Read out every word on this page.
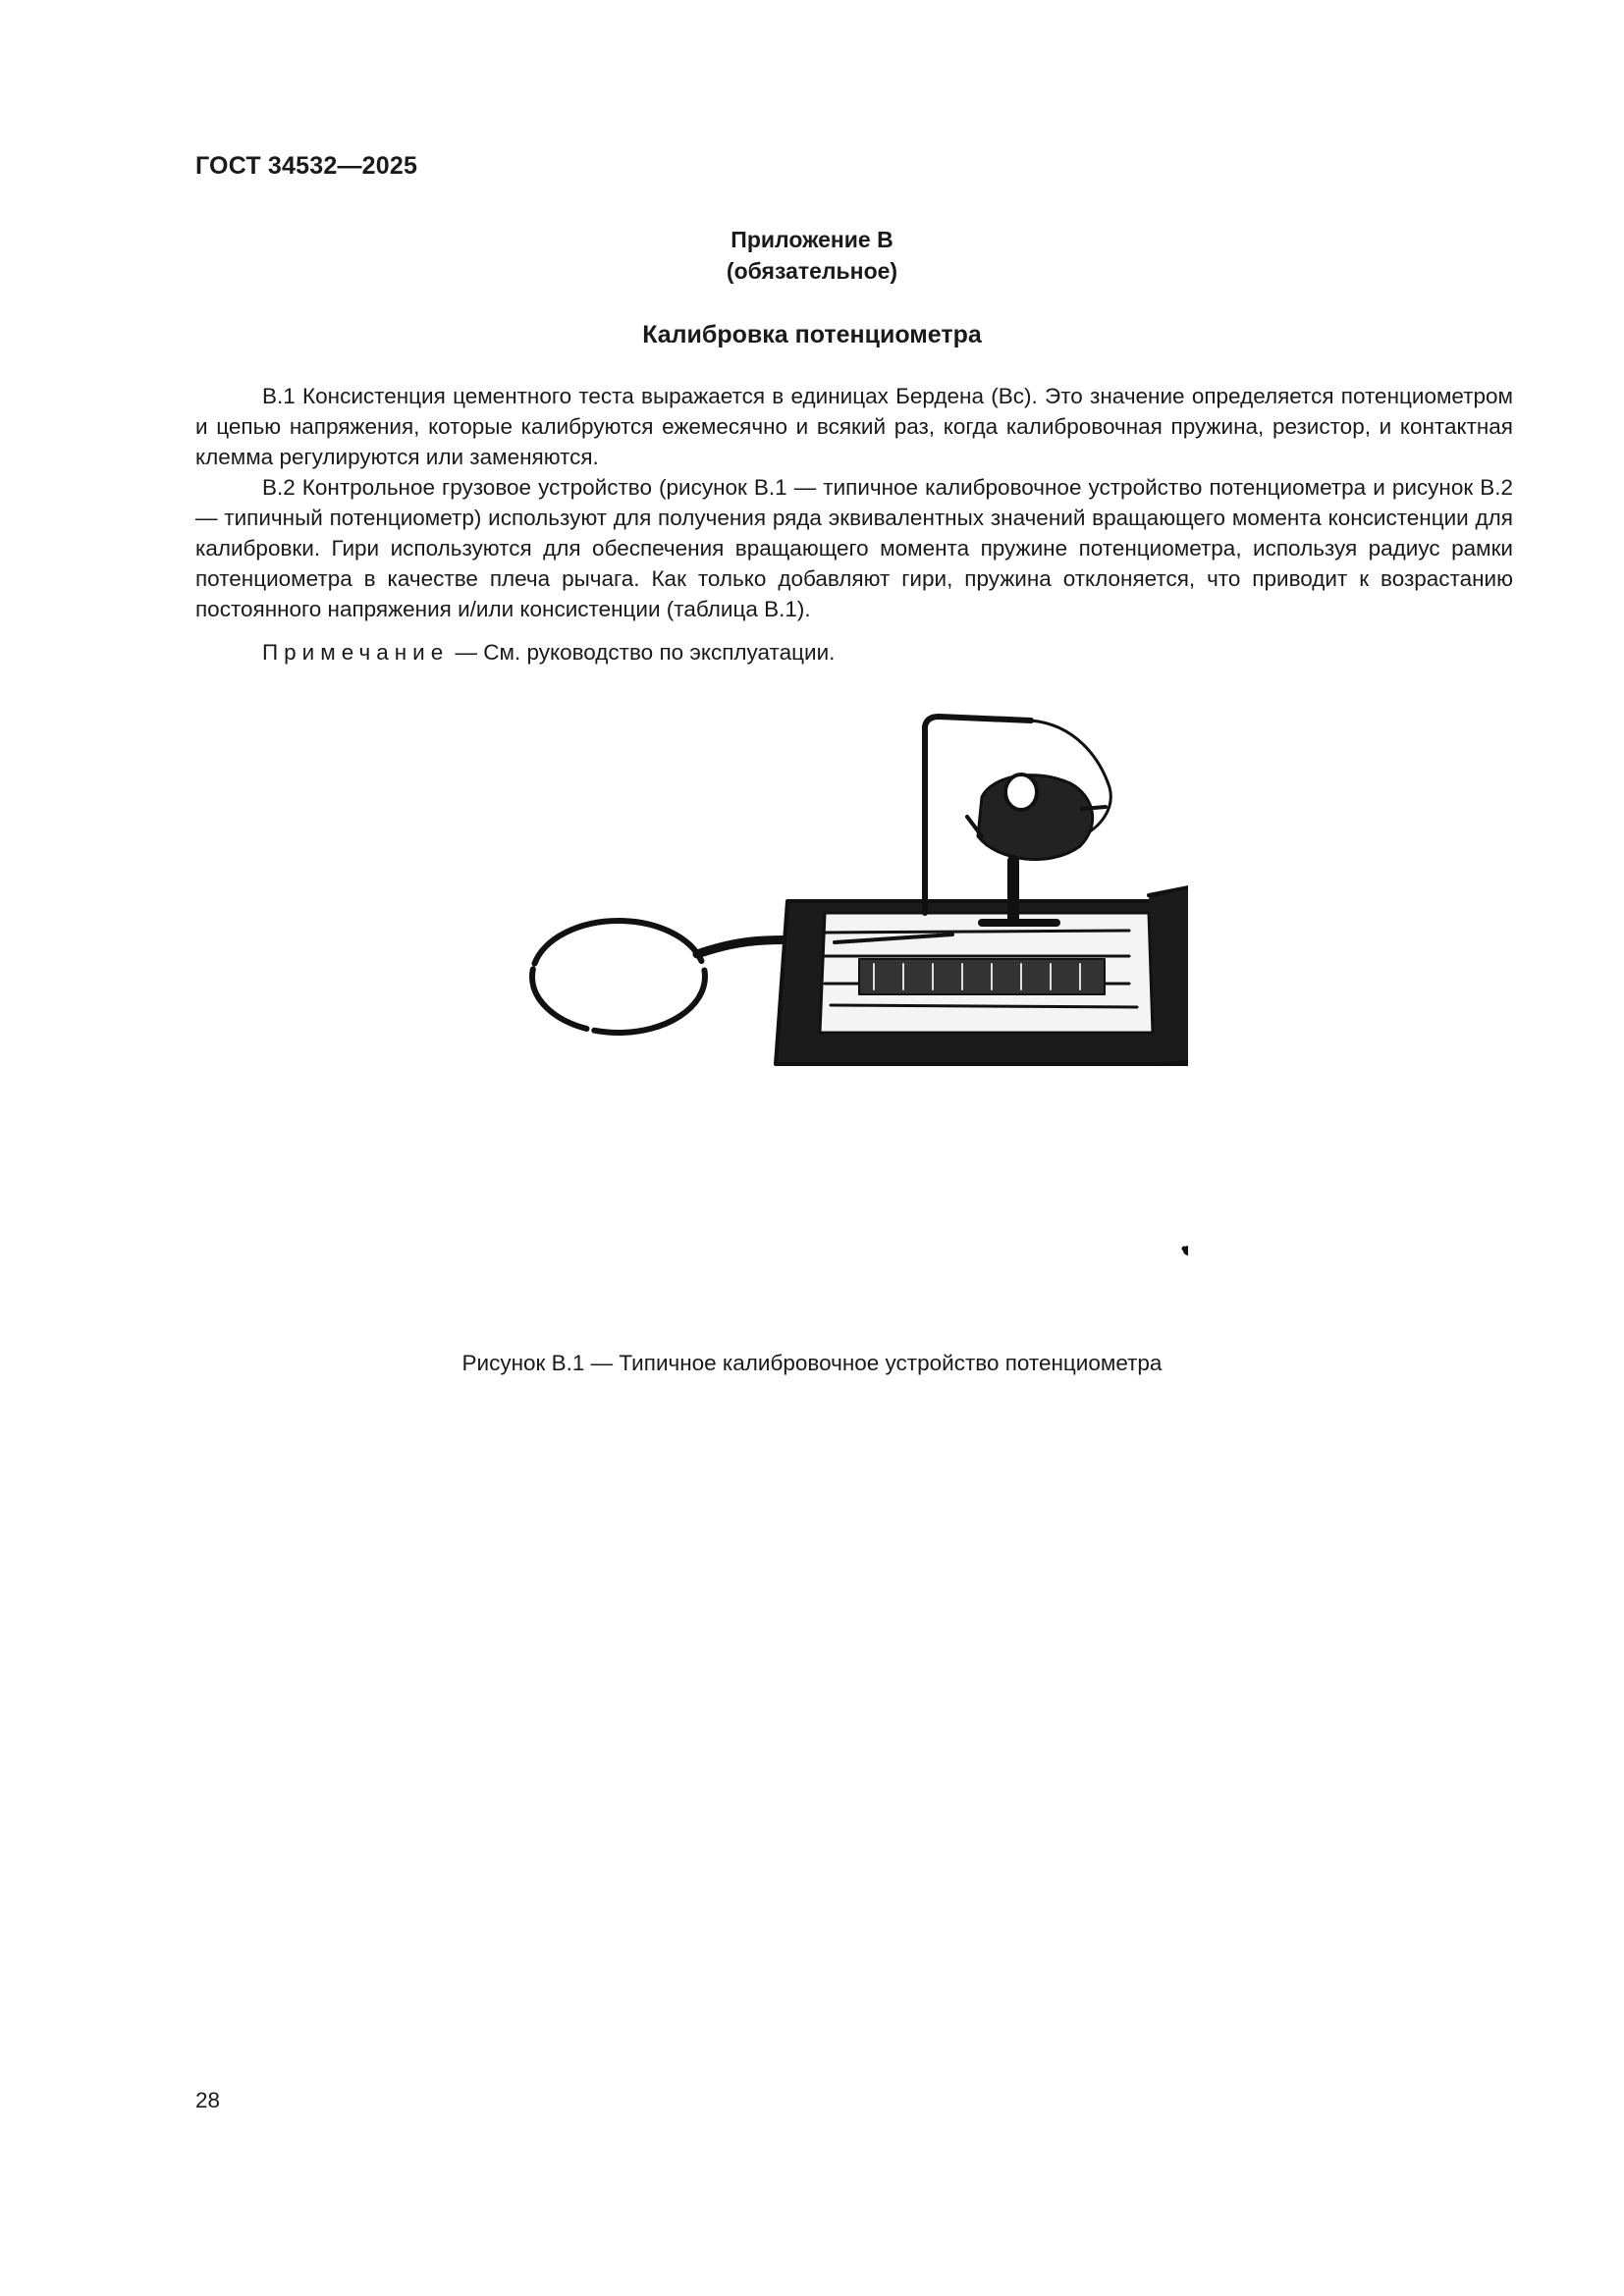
ГОСТ 34532—2025
Приложение В
(обязательное)
Калибровка потенциометра

В.1 Консистенция цементного теста выражается в единицах Бердена (Вс). Это значение определяется потенциометром и цепью напряжения, которые калибруются ежемесячно и всякий раз, когда калибровочная пружина, резистор, и контактная клемма регулируются или заменяются.

В.2 Контрольное грузовое устройство (рисунок В.1 — типичное калибровочное устройство потенциометра и рисунок В.2 — типичный потенциометр) используют для получения ряда эквивалентных значений вращающего момента консистенции для калибровки. Гири используются для обеспечения вращающего момента пружине потенциометра, используя радиус рамки потенциометра в качестве плеча рычага. Как только добавляют гири, пружина отклоняется, что приводит к возрастанию постоянного напряжения и/или консистенции (таблица В.1).

Примечание — См. руководство по эксплуатации.
Рисунок В.1 — Типичное калибровочное устройство потенциометра
28
